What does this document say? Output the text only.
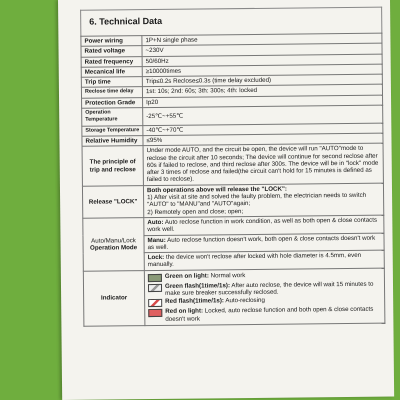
6. Technical Data
Power wiring	1P+N single phase
Rated voltage	~230V
Rated frequency	50/60Hz
Mecanical life	≥10000times
Trip time	Trip≤0.2s Reclose≤0.3s (time delay excluded)
Reclose time delay	1st: 10s; 2nd: 60s; 3th: 300s; 4th: locked
Protection Grade	Ip20
Operation Temperature	-25℃~+55℃
Storage Temperature	-40℃~+70℃
Relative Humidity	≤95%
The principle of trip and reclose	Under mode AUTO, and the circuit be open, the device will run "AUTO"mode to reclose the circuit after 10 seconds; The device will continue for second reclose after 60s if failed to reclose, and third reclose after 300s. The device will be in "lock" mode after 3 times of reclose and failed(the circuit can't hold for 15 minutes is defined as failed to reclose).
Release "LOCK"	Both operations above will release the "LOCK":
1) After visit at site and solved the faulty problem, the electrician needs to switch "AUTO" to "MANU"and "AUTO"again;
2) Remotely open and close; open;

Auto/Manu/Lock
Operation Mode	Auto: Auto reclose function in work condition, as well as both open & close contacts work well.
	Manu: Auto reclose function doesn't work, both open & close contacts doesn't work as well.
	Lock: the device won't reclose after locked with hole diameter is 4.5mm, even manually.
Indicator	Green on light: Normal work
Green flash(1time/1s): After auto reclose, the device will wait 15 minutes to make sure breaker successfully reclosed.
Red flash(1time/1s): Auto-reclosing
Red on light: Locked, auto reclose function and both open & close contacts doesn't work
